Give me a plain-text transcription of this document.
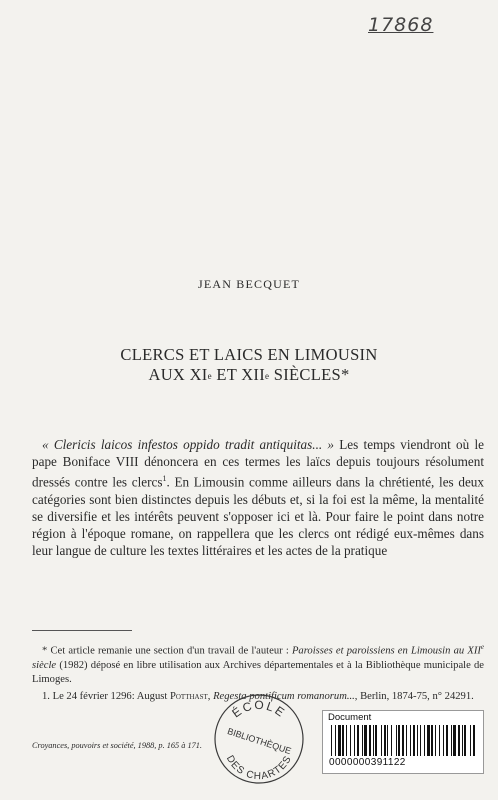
17868
JEAN BECQUET
CLERCS ET LAICS EN LIMOUSIN
AUX XIe ET XIIe SIÈCLES*

« Clericis laicos infestos oppido tradit antiquitas... » Les temps viendront où le pape Boniface VIII dénoncera en ces termes les laïcs depuis toujours résolument dressés contre les clercs$^1$. En Limousin comme ailleurs dans la chrétienté, les deux catégories sont bien distinctes depuis les débuts et, si la foi est la même, la mentalité se diversifie et les intérêts peuvent s'opposer ici et là. Pour faire le point dans notre région à l'époque romane, on rappellera que les clercs ont rédigé eux-mêmes dans leur langue de culture les textes littéraires et les actes de la pratique

* Cet article remanie une section d'un travail de l'auteur : Paroisses et paroissiens en Limousin au XIIe siècle (1982) déposé en libre utilisation aux Archives départementales et à la Bibliothèque municipale de Limoges.

1. Le 24 février 1296: August Potthast, Regesta pontificum romanorum..., Berlin, 1874-75, n° 24291.

Croyances, pouvoirs et société, 1988, p. 165 à 171.
ÉCOLE
BIBLIOTHÈQUE
DES CHARTES
Document
0000000391122
